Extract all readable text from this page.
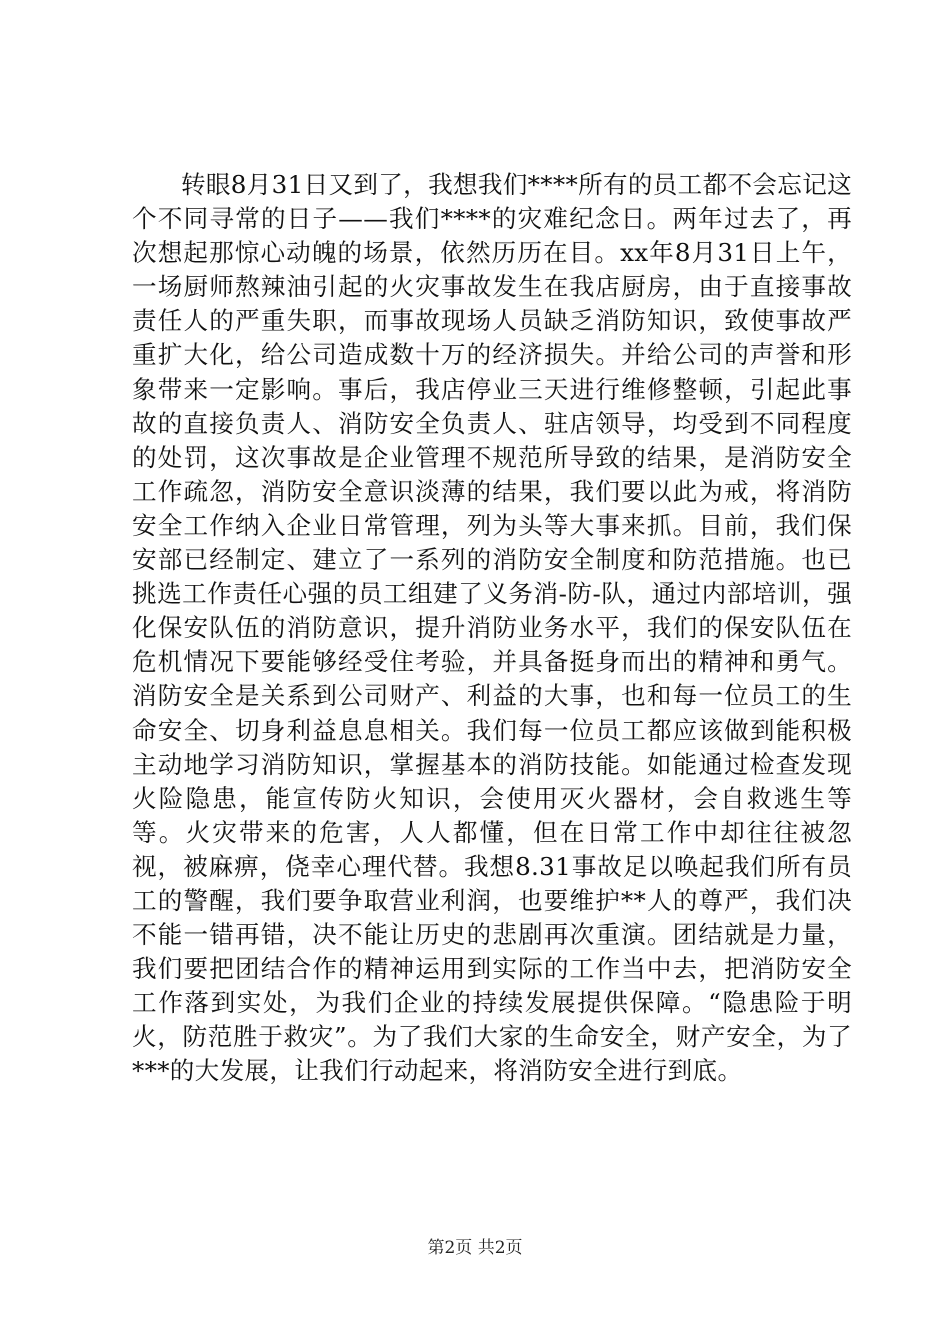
转眼8月31日又到了，我想我们****所有的员工都不会忘记这个不同寻常的日子——我们****的灾难纪念日。两年过去了，再次想起那惊心动魄的场景，依然历历在目。xx年8月31日上午，一场厨师熬辣油引起的火灾事故发生在我店厨房，由于直接事故责任人的严重失职，而事故现场人员缺乏消防知识，致使事故严重扩大化，给公司造成数十万的经济损失。并给公司的声誉和形象带来一定影响。事后，我店停业三天进行维修整顿，引起此事故的直接负责人、消防安全负责人、驻店领导，均受到不同程度的处罚，这次事故是企业管理不规范所导致的结果，是消防安全工作疏忽，消防安全意识淡薄的结果，我们要以此为戒，将消防安全工作纳入企业日常管理，列为头等大事来抓。目前，我们保安部已经制定、建立了一系列的消防安全制度和防范措施。也已挑选工作责任心强的员工组建了义务消-防-队，通过内部培训，强化保安队伍的消防意识，提升消防业务水平，我们的保安队伍在危机情况下要能够经受住考验，并具备挺身而出的精神和勇气。消防安全是关系到公司财产、利益的大事，也和每一位员工的生命安全、切身利益息息相关。我们每一位员工都应该做到能积极主动地学习消防知识，掌握基本的消防技能。如能通过检查发现火险隐患，能宣传防火知识，会使用灭火器材，会自救逃生等等。火灾带来的危害，人人都懂，但在日常工作中却往往被忽视，被麻痹，侥幸心理代替。我想8.31事故足以唤起我们所有员工的警醒，我们要争取营业利润，也要维护**人的尊严，我们决不能一错再错，决不能让历史的悲剧再次重演。团结就是力量，我们要把团结合作的精神运用到实际的工作当中去，把消防安全工作落到实处，为我们企业的持续发展提供保障。“隐患险于明火，防范胜于救灾”。为了我们大家的生命安全，财产安全，为了***的大发展，让我们行动起来，将消防安全进行到底。

第2页 共2页
